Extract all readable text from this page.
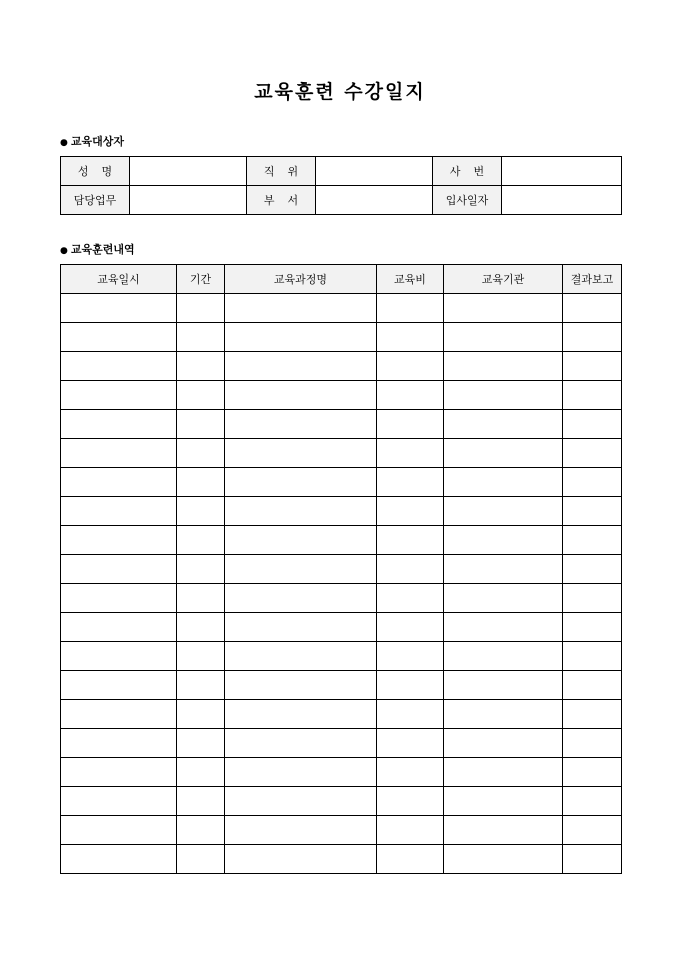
교육훈련 수강일지
● 교육대상자
성명		직위		사번	
담당업무		부서		입사일자	
● 교육훈련내역
교육일시	기간	교육과정명	교육비	교육기관	결과보고
